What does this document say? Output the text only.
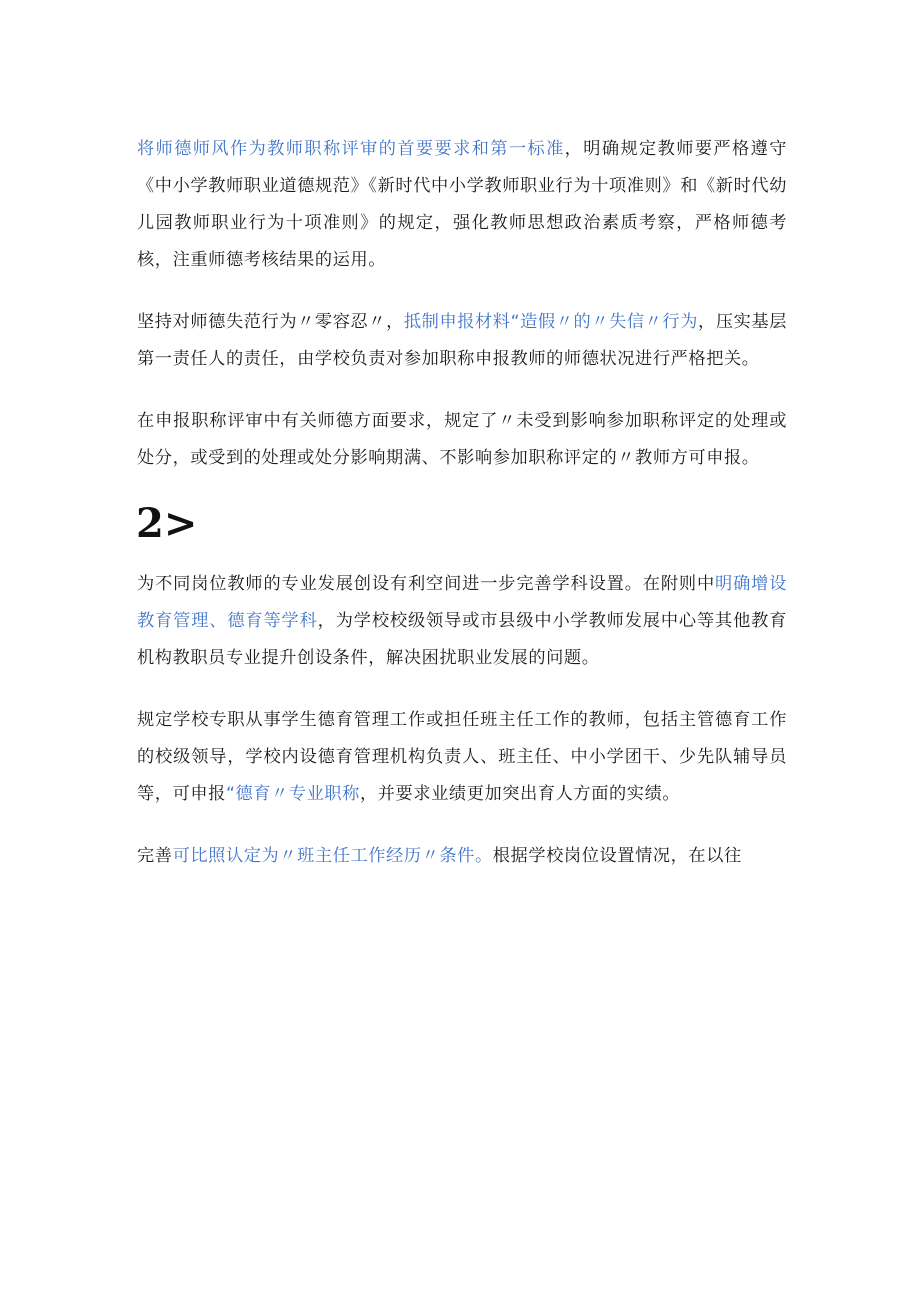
将师德师风作为教师职称评审的首要要求和第一标准，明确规定教师要严格遵守《中小学教师职业道德规范》《新时代中小学教师职业行为十项准则》和《新时代幼儿园教师职业行为十项准则》的规定，强化教师思想政治素质考察，严格师德考核，注重师德考核结果的运用。

坚持对师德失范行为〃零容忍〃，抵制申报材料“造假〃的〃失信〃行为，压实基层第一责任人的责任，由学校负责对参加职称申报教师的师德状况进行严格把关。

在申报职称评审中有关师德方面要求，规定了〃未受到影响参加职称评定的处理或处分，或受到的处理或处分影响期满、不影响参加职称评定的〃教师方可申报。

2>

为不同岗位教师的专业发展创设有利空间进一步完善学科设置。在附则中明确增设教育管理、德育等学科，为学校校级领导或市县级中小学教师发展中心等其他教育机构教职员专业提升创设条件，解决困扰职业发展的问题。

规定学校专职从事学生德育管理工作或担任班主任工作的教师，包括主管德育工作的校级领导，学校内设德育管理机构负责人、班主任、中小学团干、少先队辅导员等，可申报“德育〃专业职称，并要求业绩更加突出育人方面的实绩。

完善可比照认定为〃班主任工作经历〃条件。根据学校岗位设置情况，在以往
